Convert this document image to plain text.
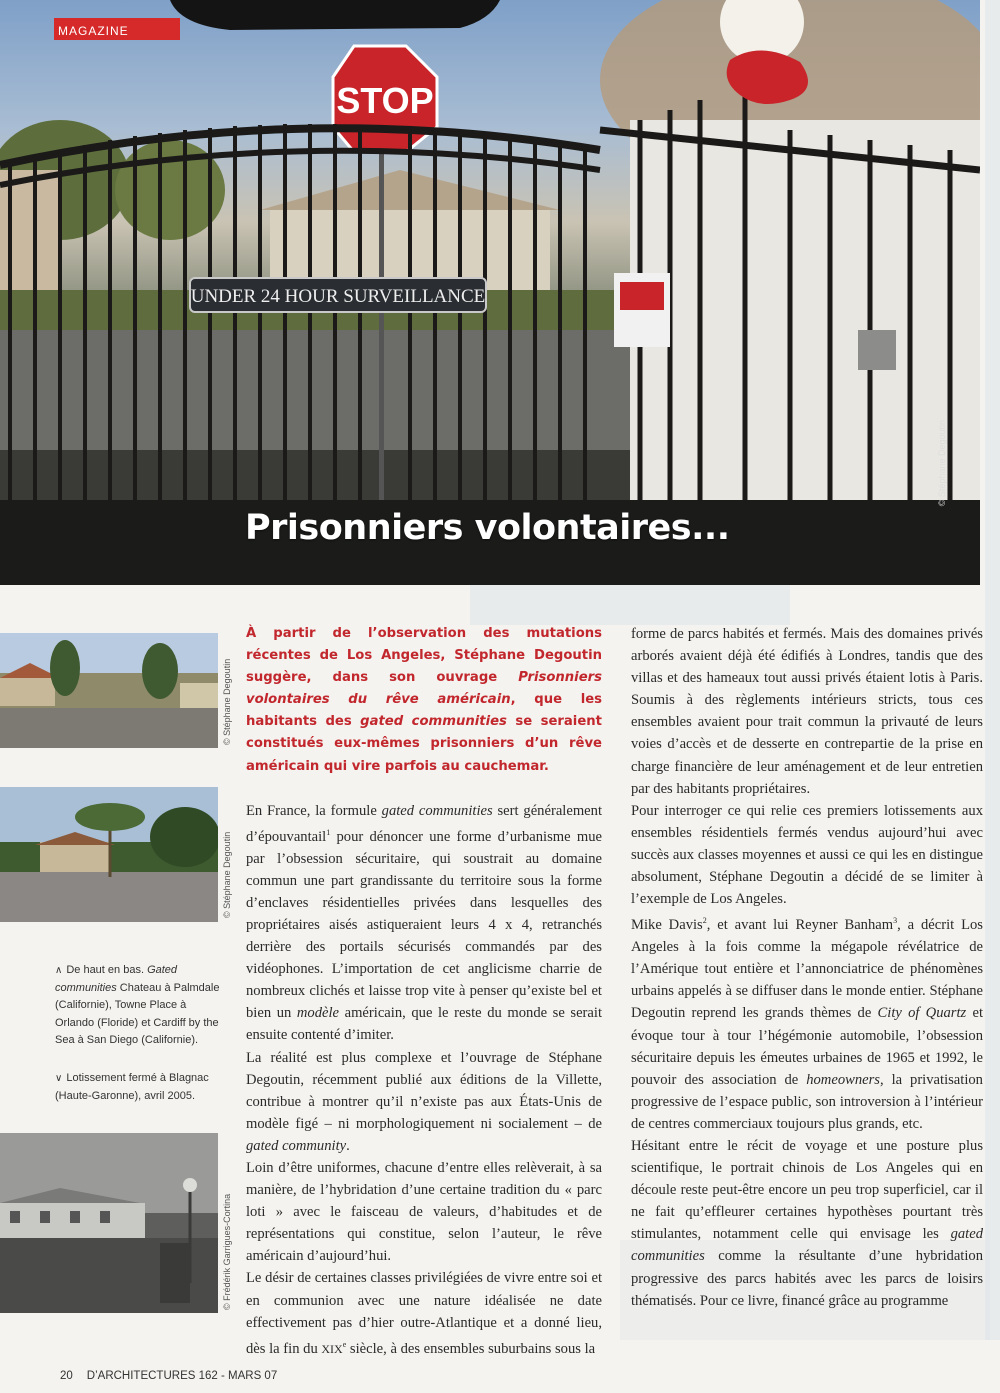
STOP
UNDER 24 HOUR SURVEILLANCE
MAGAZINE
© Stéphane Degoutin
Prisonniers volontaires...
© Stéphane Degoutin
© Stéphane Degoutin
∧ De haut en bas. Gated communities Chateau à Palmdale (Californie), Towne Place à Orlando (Floride) et Cardiff by the Sea à San Diego (Californie).
∨ Lotissement fermé à Blagnac (Haute-Garonne), avril 2005.
© Frédérik Garrigues-Cortina

À partir de l’observation des mutations récentes de Los Angeles, Stéphane Degoutin suggère, dans son ouvrage Prisonniers volontaires du rêve américain, que les habitants des gated communities se seraient constitués eux-mêmes prisonniers d’un rêve américain qui vire parfois au cauchemar.

En France, la formule gated communities sert généralement d’épouvantail$^1$ pour dénoncer une forme d’urbanisme mue par l’obsession sécuritaire, qui soustrait au domaine commun une part grandissante du territoire sous la forme d’enclaves résidentielles privées dans lesquelles des propriétaires aisés astiqueraient leurs 4 x 4, retranchés derrière des portails sécurisés commandés par des vidéophones. L’importation de cet anglicisme charrie de nombreux clichés et laisse trop vite à penser qu’existe bel et bien un modèle américain, que le reste du monde se serait ensuite contenté d’imiter.

La réalité est plus complexe et l’ouvrage de Stéphane Degoutin, récemment publié aux éditions de la Villette, contribue à montrer qu’il n’existe pas aux États-Unis de modèle figé – ni morphologiquement ni socialement – de gated community.

Loin d’être uniformes, chacune d’entre elles relèverait, à sa manière, de l’hybridation d’une certaine tradition du « parc loti » avec le faisceau de valeurs, d’habitudes et de représentations qui constitue, selon l’auteur, le rêve américain d’aujourd’hui.

Le désir de certaines classes privilégiées de vivre entre soi et en communion avec une nature idéalisée ne date effectivement pas d’hier outre-Atlantique et a donné lieu, dès la fin du XIXe siècle, à des ensembles suburbains sous la

forme de parcs habités et fermés. Mais des domaines privés arborés avaient déjà été édifiés à Londres, tandis que des villas et des hameaux tout aussi privés étaient lotis à Paris. Soumis à des règlements intérieurs stricts, tous ces ensembles avaient pour trait commun la privauté de leurs voies d’accès et de desserte en contrepartie de la prise en charge financière de leur aménagement et de leur entretien par des habitants propriétaires.

Pour interroger ce qui relie ces premiers lotissements aux ensembles résidentiels fermés vendus aujourd’hui avec succès aux classes moyennes et aussi ce qui les en distingue absolument, Stéphane Degoutin a décidé de se limiter à l’exemple de Los Angeles.

Mike Davis$^2$, et avant lui Reyner Banham$^3$, a décrit Los Angeles à la fois comme la mégapole révélatrice de l’Amérique tout entière et l’annonciatrice de phénomènes urbains appelés à se diffuser dans le monde entier. Stéphane Degoutin reprend les grands thèmes de City of Quartz et évoque tour à tour l’hégémonie automobile, l’obsession sécuritaire depuis les émeutes urbaines de 1965 et 1992, le pouvoir des association de homeowners, la privatisation progressive de l’espace public, son introversion à l’intérieur de centres commerciaux toujours plus grands, etc.

Hésitant entre le récit de voyage et une posture plus scientifique, le portrait chinois de Los Angeles qui en découle reste peut-être encore un peu trop superficiel, car il ne fait qu’effleurer certaines hypothèses pourtant très stimulantes, notamment celle qui envisage les gated communities comme la résultante d’une hybridation progressive des parcs habités avec les parcs de loisirs thématisés. Pour ce livre, financé grâce au programme

20 D’ARCHITECTURES 162 - MARS 07
